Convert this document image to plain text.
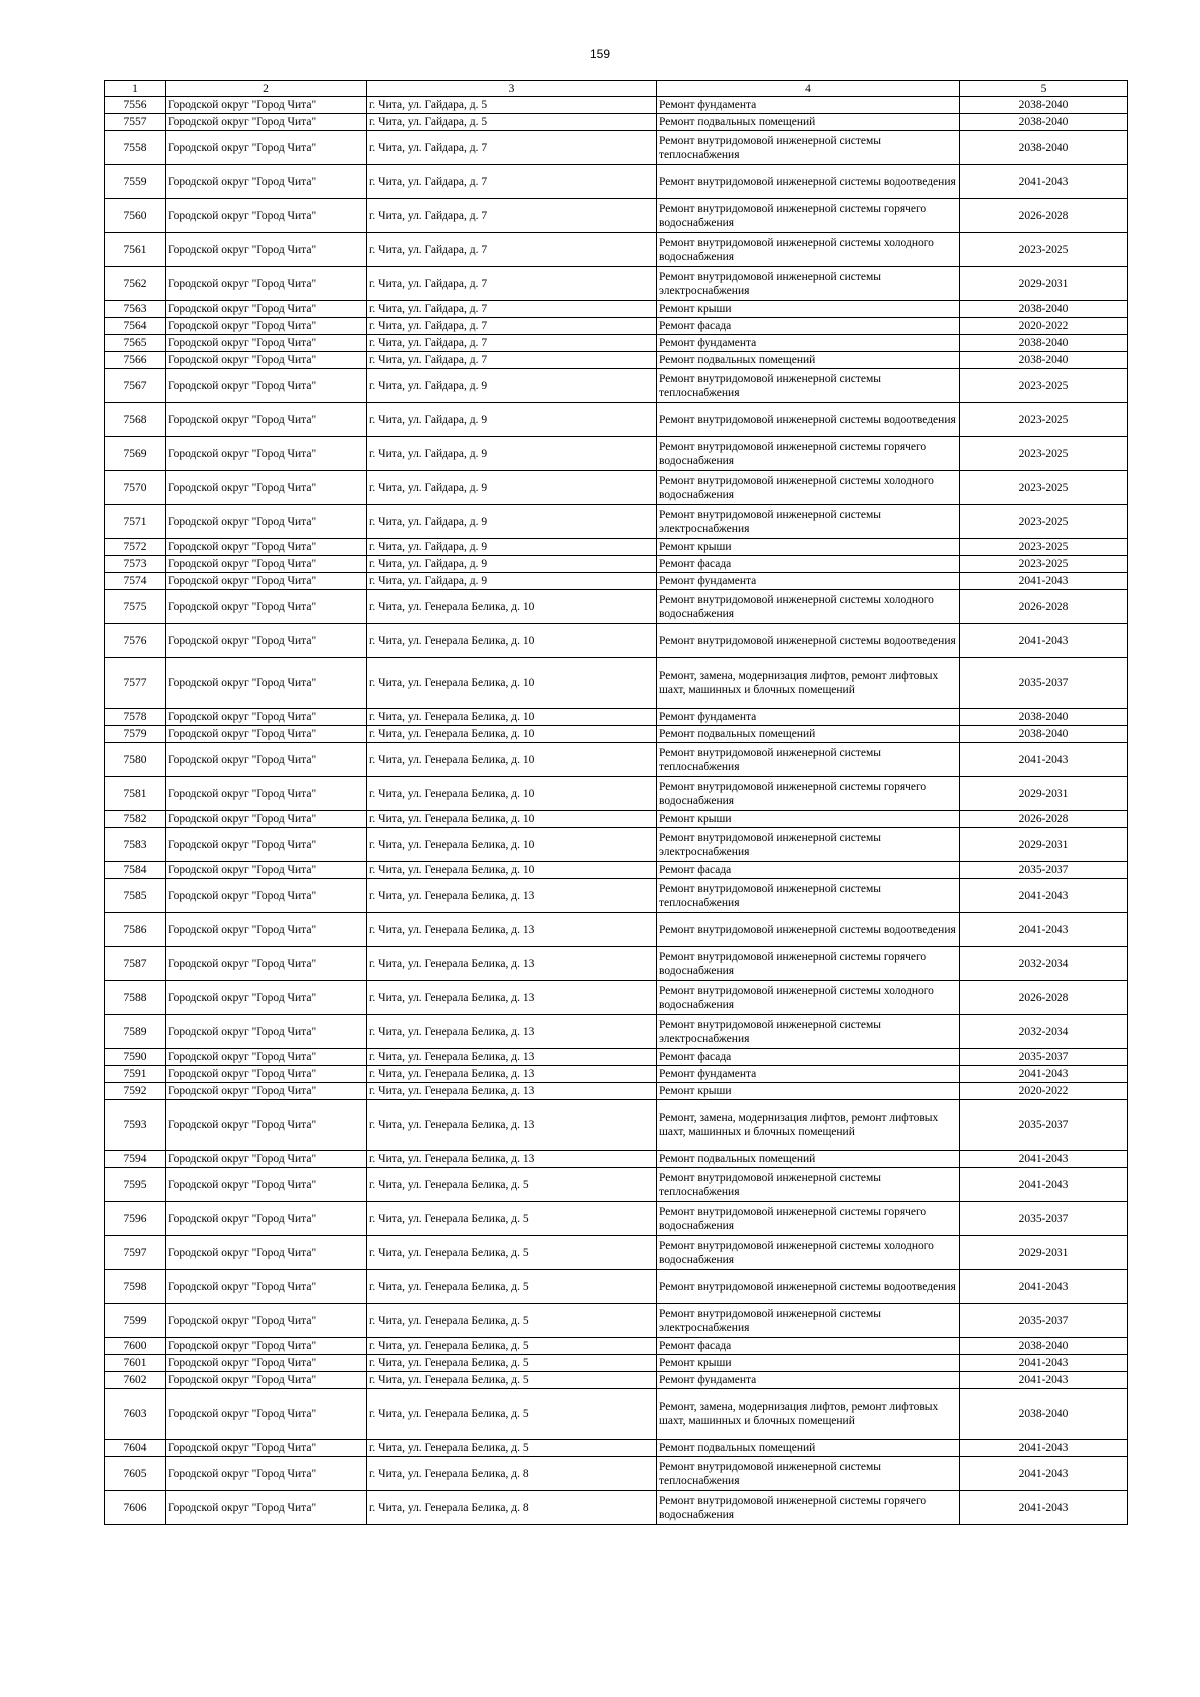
159
1	2	3	4	5
7556	Городской округ "Город Чита"	г. Чита, ул. Гайдара, д. 5	Ремонт фундамента	2038-2040
7557	Городской округ "Город Чита"	г. Чита, ул. Гайдара, д. 5	Ремонт подвальных помещений	2038-2040
7558	Городской округ "Город Чита"	г. Чита, ул. Гайдара, д. 7	Ремонт внутридомовой инженерной системы теплоснабжения	2038-2040
7559	Городской округ "Город Чита"	г. Чита, ул. Гайдара, д. 7	Ремонт внутридомовой инженерной системы водоотведения	2041-2043
7560	Городской округ "Город Чита"	г. Чита, ул. Гайдара, д. 7	Ремонт внутридомовой инженерной системы горячего водоснабжения	2026-2028
7561	Городской округ "Город Чита"	г. Чита, ул. Гайдара, д. 7	Ремонт внутридомовой инженерной системы холодного водоснабжения	2023-2025
7562	Городской округ "Город Чита"	г. Чита, ул. Гайдара, д. 7	Ремонт внутридомовой инженерной системы электроснабжения	2029-2031
7563	Городской округ "Город Чита"	г. Чита, ул. Гайдара, д. 7	Ремонт крыши	2038-2040
7564	Городской округ "Город Чита"	г. Чита, ул. Гайдара, д. 7	Ремонт фасада	2020-2022
7565	Городской округ "Город Чита"	г. Чита, ул. Гайдара, д. 7	Ремонт фундамента	2038-2040
7566	Городской округ "Город Чита"	г. Чита, ул. Гайдара, д. 7	Ремонт подвальных помещений	2038-2040
7567	Городской округ "Город Чита"	г. Чита, ул. Гайдара, д. 9	Ремонт внутридомовой инженерной системы теплоснабжения	2023-2025
7568	Городской округ "Город Чита"	г. Чита, ул. Гайдара, д. 9	Ремонт внутридомовой инженерной системы водоотведения	2023-2025
7569	Городской округ "Город Чита"	г. Чита, ул. Гайдара, д. 9	Ремонт внутридомовой инженерной системы горячего водоснабжения	2023-2025
7570	Городской округ "Город Чита"	г. Чита, ул. Гайдара, д. 9	Ремонт внутридомовой инженерной системы холодного водоснабжения	2023-2025
7571	Городской округ "Город Чита"	г. Чита, ул. Гайдара, д. 9	Ремонт внутридомовой инженерной системы электроснабжения	2023-2025
7572	Городской округ "Город Чита"	г. Чита, ул. Гайдара, д. 9	Ремонт крыши	2023-2025
7573	Городской округ "Город Чита"	г. Чита, ул. Гайдара, д. 9	Ремонт фасада	2023-2025
7574	Городской округ "Город Чита"	г. Чита, ул. Гайдара, д. 9	Ремонт фундамента	2041-2043
7575	Городской округ "Город Чита"	г. Чита, ул. Генерала Белика, д. 10	Ремонт внутридомовой инженерной системы холодного водоснабжения	2026-2028
7576	Городской округ "Город Чита"	г. Чита, ул. Генерала Белика, д. 10	Ремонт внутридомовой инженерной системы водоотведения	2041-2043
7577	Городской округ "Город Чита"	г. Чита, ул. Генерала Белика, д. 10	Ремонт, замена, модернизация лифтов, ремонт лифтовых шахт, машинных и блочных помещений	2035-2037
7578	Городской округ "Город Чита"	г. Чита, ул. Генерала Белика, д. 10	Ремонт фундамента	2038-2040
7579	Городской округ "Город Чита"	г. Чита, ул. Генерала Белика, д. 10	Ремонт подвальных помещений	2038-2040
7580	Городской округ "Город Чита"	г. Чита, ул. Генерала Белика, д. 10	Ремонт внутридомовой инженерной системы теплоснабжения	2041-2043
7581	Городской округ "Город Чита"	г. Чита, ул. Генерала Белика, д. 10	Ремонт внутридомовой инженерной системы горячего водоснабжения	2029-2031
7582	Городской округ "Город Чита"	г. Чита, ул. Генерала Белика, д. 10	Ремонт крыши	2026-2028
7583	Городской округ "Город Чита"	г. Чита, ул. Генерала Белика, д. 10	Ремонт внутридомовой инженерной системы электроснабжения	2029-2031
7584	Городской округ "Город Чита"	г. Чита, ул. Генерала Белика, д. 10	Ремонт фасада	2035-2037
7585	Городской округ "Город Чита"	г. Чита, ул. Генерала Белика, д. 13	Ремонт внутридомовой инженерной системы теплоснабжения	2041-2043
7586	Городской округ "Город Чита"	г. Чита, ул. Генерала Белика, д. 13	Ремонт внутридомовой инженерной системы водоотведения	2041-2043
7587	Городской округ "Город Чита"	г. Чита, ул. Генерала Белика, д. 13	Ремонт внутридомовой инженерной системы горячего водоснабжения	2032-2034
7588	Городской округ "Город Чита"	г. Чита, ул. Генерала Белика, д. 13	Ремонт внутридомовой инженерной системы холодного водоснабжения	2026-2028
7589	Городской округ "Город Чита"	г. Чита, ул. Генерала Белика, д. 13	Ремонт внутридомовой инженерной системы электроснабжения	2032-2034
7590	Городской округ "Город Чита"	г. Чита, ул. Генерала Белика, д. 13	Ремонт фасада	2035-2037
7591	Городской округ "Город Чита"	г. Чита, ул. Генерала Белика, д. 13	Ремонт фундамента	2041-2043
7592	Городской округ "Город Чита"	г. Чита, ул. Генерала Белика, д. 13	Ремонт крыши	2020-2022
7593	Городской округ "Город Чита"	г. Чита, ул. Генерала Белика, д. 13	Ремонт, замена, модернизация лифтов, ремонт лифтовых шахт, машинных и блочных помещений	2035-2037
7594	Городской округ "Город Чита"	г. Чита, ул. Генерала Белика, д. 13	Ремонт подвальных помещений	2041-2043
7595	Городской округ "Город Чита"	г. Чита, ул. Генерала Белика, д. 5	Ремонт внутридомовой инженерной системы теплоснабжения	2041-2043
7596	Городской округ "Город Чита"	г. Чита, ул. Генерала Белика, д. 5	Ремонт внутридомовой инженерной системы горячего водоснабжения	2035-2037
7597	Городской округ "Город Чита"	г. Чита, ул. Генерала Белика, д. 5	Ремонт внутридомовой инженерной системы холодного водоснабжения	2029-2031
7598	Городской округ "Город Чита"	г. Чита, ул. Генерала Белика, д. 5	Ремонт внутридомовой инженерной системы водоотведения	2041-2043
7599	Городской округ "Город Чита"	г. Чита, ул. Генерала Белика, д. 5	Ремонт внутридомовой инженерной системы электроснабжения	2035-2037
7600	Городской округ "Город Чита"	г. Чита, ул. Генерала Белика, д. 5	Ремонт фасада	2038-2040
7601	Городской округ "Город Чита"	г. Чита, ул. Генерала Белика, д. 5	Ремонт крыши	2041-2043
7602	Городской округ "Город Чита"	г. Чита, ул. Генерала Белика, д. 5	Ремонт фундамента	2041-2043
7603	Городской округ "Город Чита"	г. Чита, ул. Генерала Белика, д. 5	Ремонт, замена, модернизация лифтов, ремонт лифтовых шахт, машинных и блочных помещений	2038-2040
7604	Городской округ "Город Чита"	г. Чита, ул. Генерала Белика, д. 5	Ремонт подвальных помещений	2041-2043
7605	Городской округ "Город Чита"	г. Чита, ул. Генерала Белика, д. 8	Ремонт внутридомовой инженерной системы теплоснабжения	2041-2043
7606	Городской округ "Город Чита"	г. Чита, ул. Генерала Белика, д. 8	Ремонт внутридомовой инженерной системы горячего водоснабжения	2041-2043
